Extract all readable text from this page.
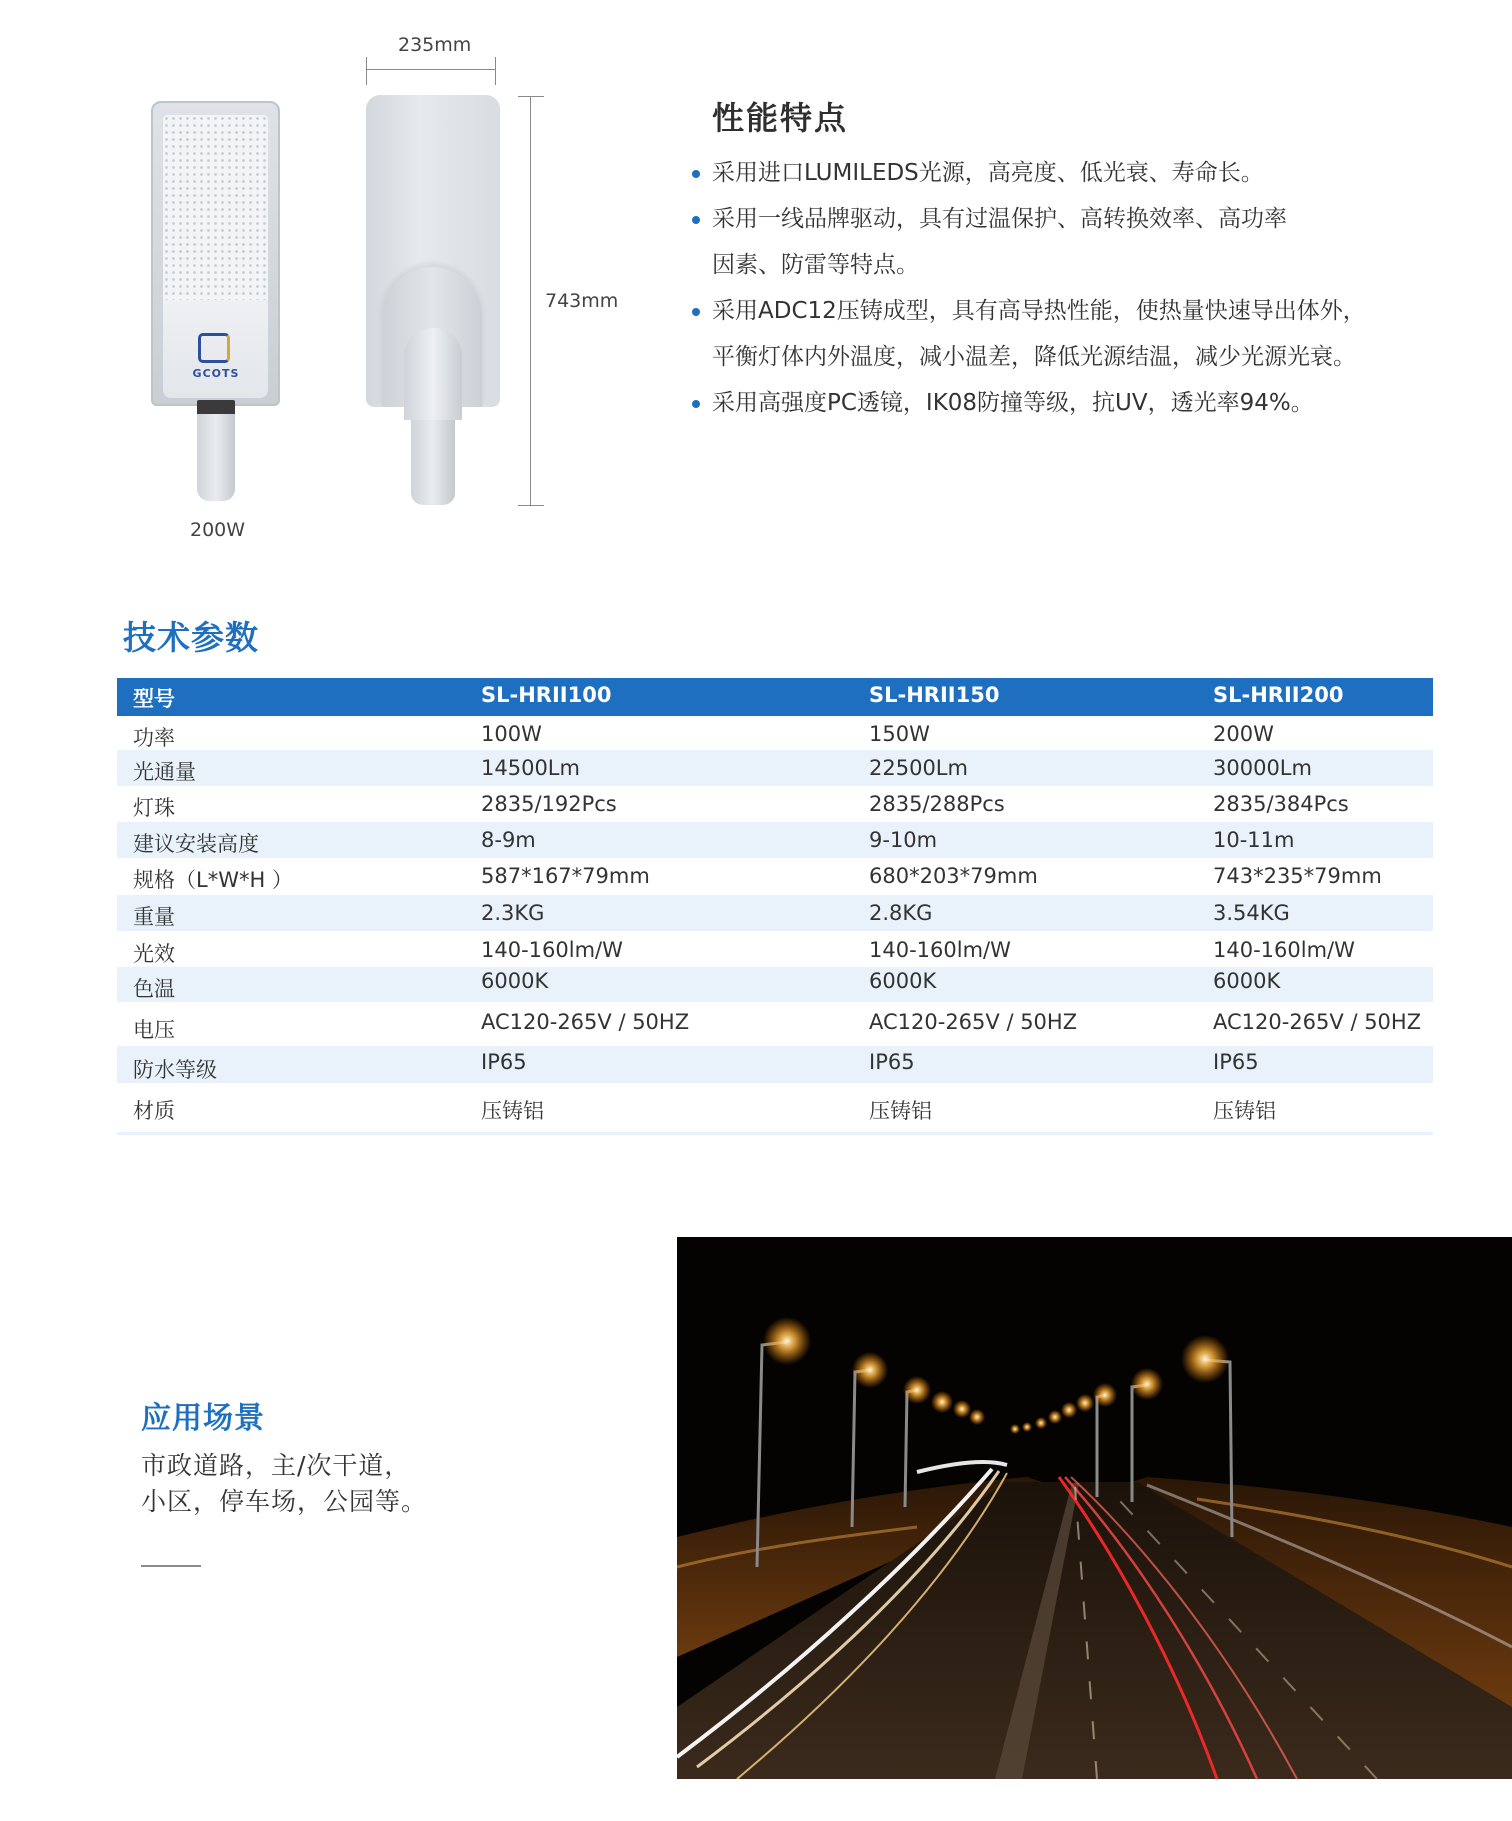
GCOTS
200W
235mm
743mm
性能特点
采用进口LUMILEDS光源，高亮度、低光衰、寿命长。
采用一线品牌驱动，具有过温保护、高转换效率、高功率
因素、防雷等特点。
采用ADC12压铸成型，具有高导热性能，使热量快速导出体外，
平衡灯体内外温度，减小温差，降低光源结温，减少光源光衰。
采用高强度PC透镜，IK08防撞等级，抗UV，透光率94%。
技术参数
型号	SL-HRII100	SL-HRII150	SL-HRII200
功率	100W	150W	200W
光通量	14500Lm	22500Lm	30000Lm
灯珠	2835/192Pcs	2835/288Pcs	2835/384Pcs
建议安装高度	8-9m	9-10m	10-11m
规格（L*W*H ）	587*167*79mm	680*203*79mm	743*235*79mm
重量	2.3KG	2.8KG	3.54KG
光效	140-160lm/W	140-160lm/W	140-160lm/W
色温	6000K	6000K	6000K
电压	AC120-265V / 50HZ	AC120-265V / 50HZ	AC120-265V / 50HZ
防水等级	IP65	IP65	IP65
材质	压铸铝	压铸铝	压铸铝
应用场景
市政道路，主/次干道，
小区，停车场，公园等。
